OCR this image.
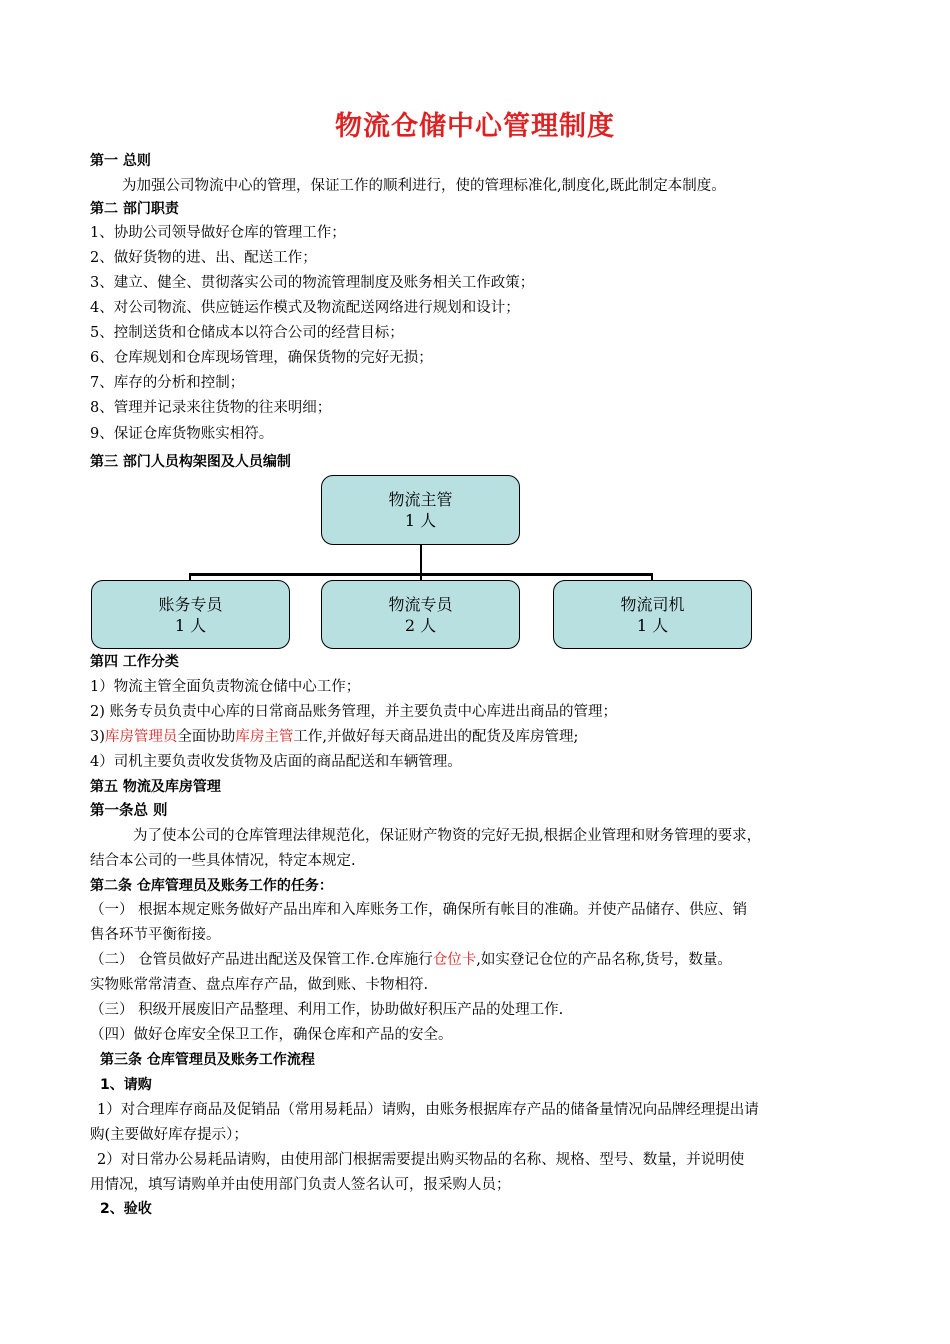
物流仓储中心管理制度
第一 总则
为加强公司物流中心的管理，保证工作的顺利进行，使的管理标准化,制度化,既此制定本制度。
第二 部门职责
1、协助公司领导做好仓库的管理工作；
2、做好货物的进、出、配送工作；
3、建立、健全、贯彻落实公司的物流管理制度及账务相关工作政策；
4、对公司物流、供应链运作模式及物流配送网络进行规划和设计；
5、控制送货和仓储成本以符合公司的经营目标；
6、仓库规划和仓库现场管理，确保货物的完好无损；
7、库存的分析和控制；
8、管理并记录来往货物的往来明细；
9、保证仓库货物账实相符。
第三 部门人员构架图及人员编制
物流主管
1 人
账务专员
1 人
物流专员
2 人
物流司机
1 人
第四 工作分类
1）物流主管全面负责物流仓储中心工作；
2) 账务专员负责中心库的日常商品账务管理，并主要负责中心库进出商品的管理；
3)库房管理员全面协助库房主管工作,并做好每天商品进出的配货及库房管理;
4）司机主要负责收发货物及店面的商品配送和车辆管理。
第五 物流及库房管理
第一条总 则
为了使本公司的仓库管理法律规范化，保证财产物资的完好无损,根据企业管理和财务管理的要求，
结合本公司的一些具体情况，特定本规定.
第二条 仓库管理员及账务工作的任务：
（一） 根据本规定账务做好产品出库和入库账务工作，确保所有帐目的准确。并使产品储存、供应、销
售各环节平衡衔接。
（二） 仓管员做好产品进出配送及保管工作.仓库施行仓位卡,如实登记仓位的产品名称,货号，数量。
实物账常常清查、盘点库存产品，做到账、卡物相符.
（三） 积级开展废旧产品整理、利用工作，协助做好积压产品的处理工作.
（四）做好仓库安全保卫工作，确保仓库和产品的安全。
第三条 仓库管理员及账务工作流程
1、请购
1）对合理库存商品及促销品（常用易耗品）请购，由账务根据库存产品的储备量情况向品牌经理提出请
购(主要做好库存提示）；
2）对日常办公易耗品请购，由使用部门根据需要提出购买物品的名称、规格、型号、数量，并说明使
用情况，填写请购单并由使用部门负责人签名认可，报采购人员；
2、验收
